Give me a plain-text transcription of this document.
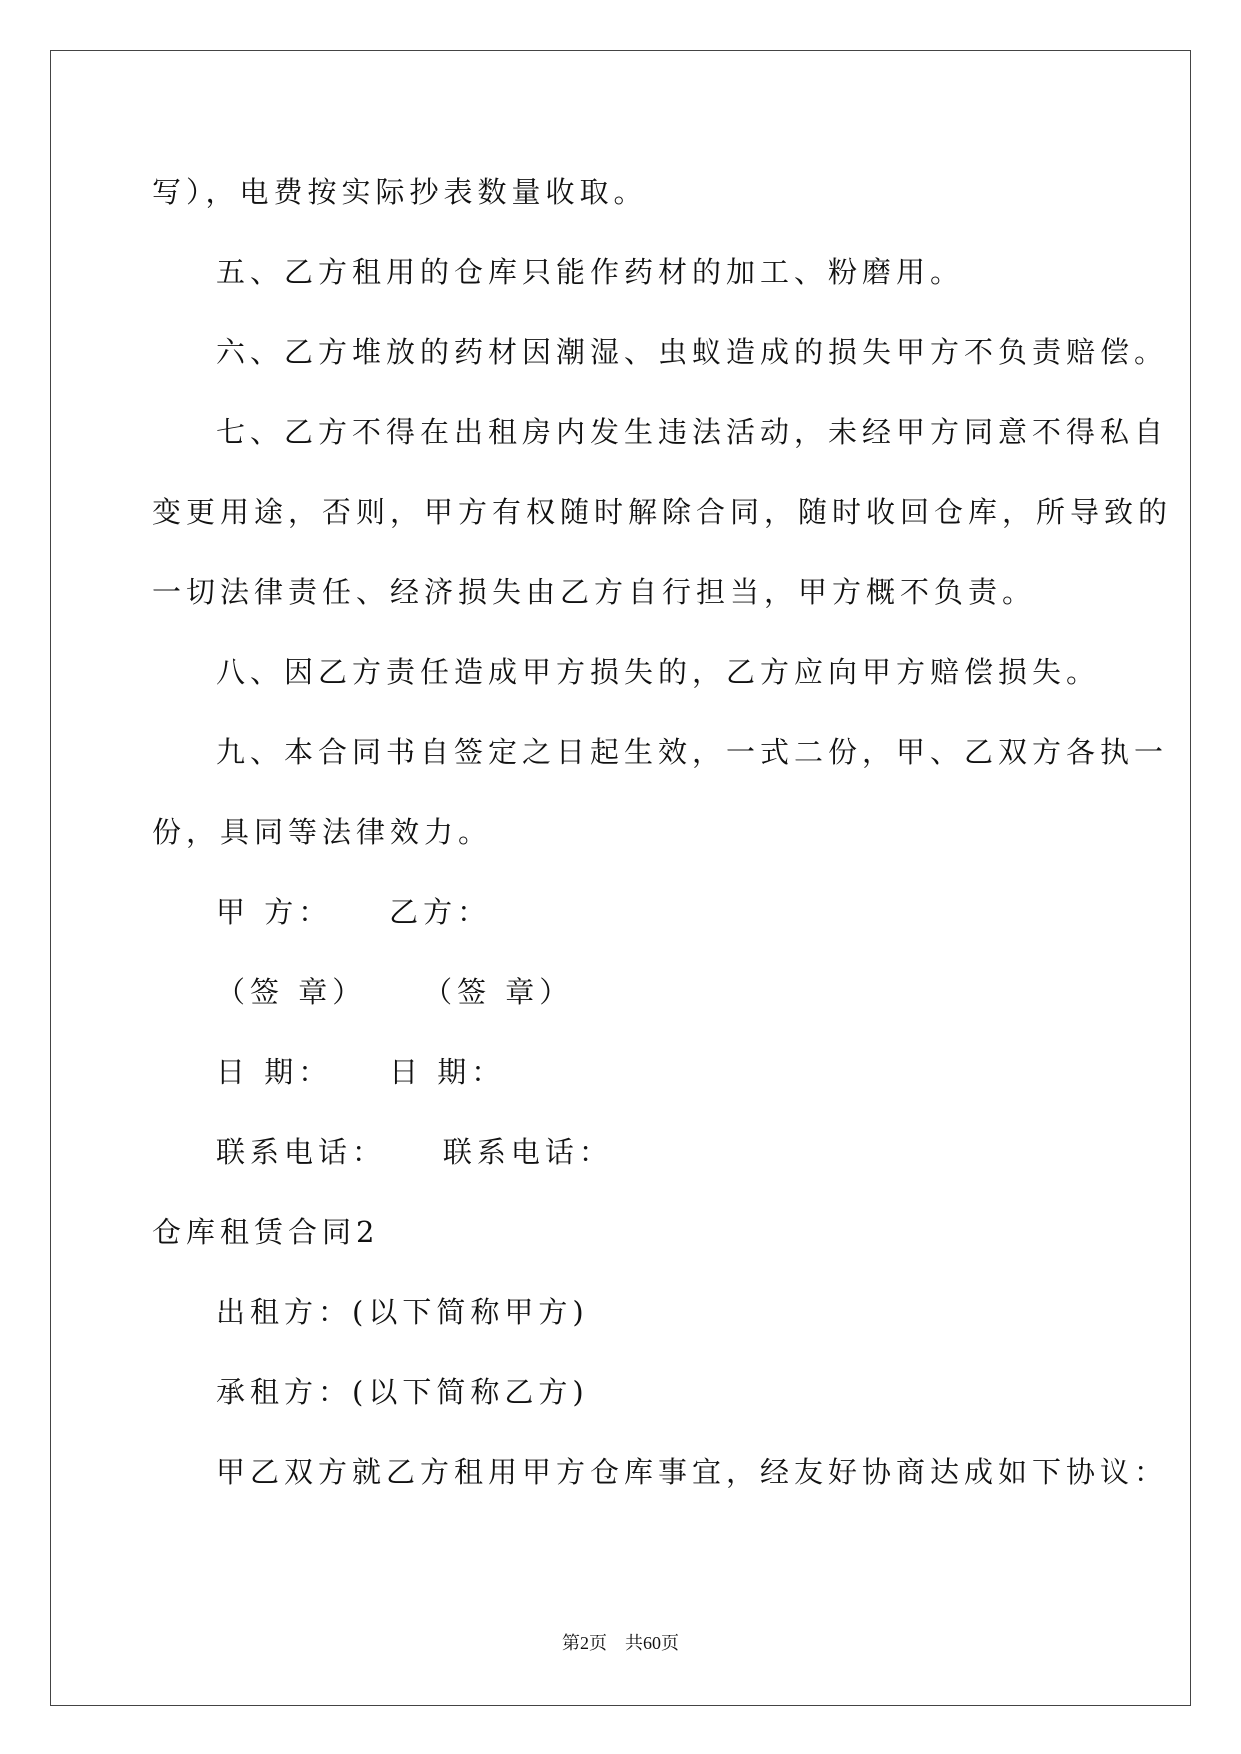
写），电费按实际抄表数量收取。
五、乙方租用的仓库只能作药材的加工、粉磨用。
六、乙方堆放的药材因潮湿、虫蚁造成的损失甲方不负责赔偿。
七、乙方不得在出租房内发生违法活动，未经甲方同意不得私自
变更用途，否则，甲方有权随时解除合同，随时收回仓库，所导致的
一切法律责任、经济损失由乙方自行担当，甲方概不负责。
八、因乙方责任造成甲方损失的，乙方应向甲方赔偿损失。
九、本合同书自签定之日起生效，一式二份，甲、乙双方各执一
份，具同等法律效力。
甲 方：    乙方：
（签 章）    （签 章）
日 期：    日 期：
联系电话：    联系电话：
仓库租赁合同2
出租方：(以下简称甲方)
承租方：(以下简称乙方)
甲乙双方就乙方租用甲方仓库事宜，经友好协商达成如下协议：
第2页    共60页
